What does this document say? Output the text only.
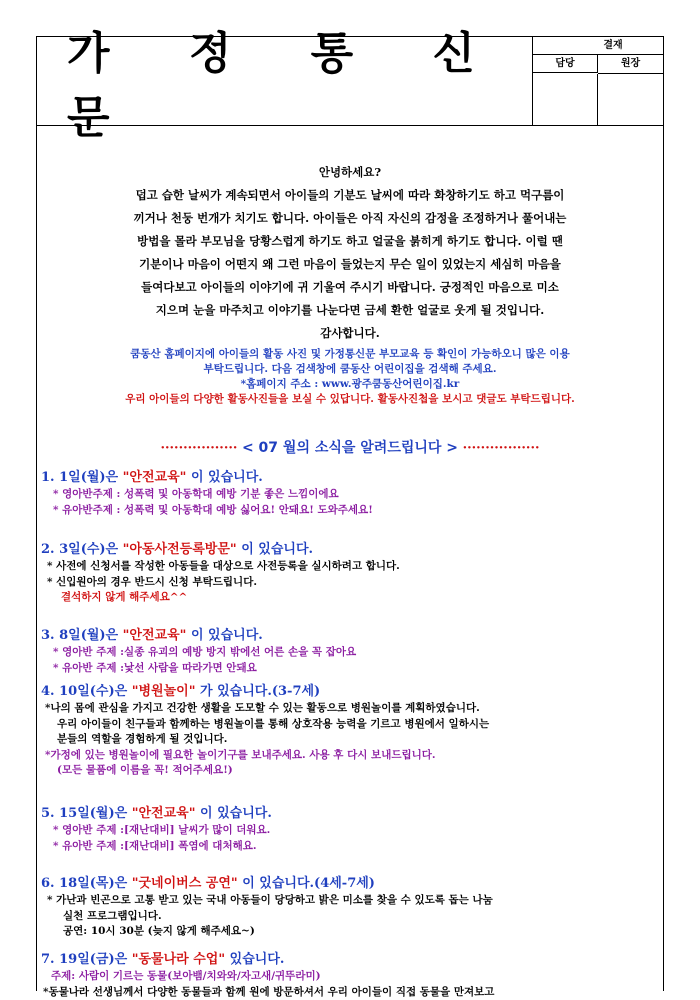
가 정 통 신 문
결재
담당	원장

안녕하세요?

덥고 습한 날씨가 계속되면서 아이들의 기분도 날씨에 따라 화창하기도 하고 먹구름이

끼거나 천둥 번개가 치기도 합니다. 아이들은 아직 자신의 감정을 조정하거나 풀어내는

방법을 몰라 부모님을 당황스럽게 하기도 하고 얼굴을 붉히게 하기도 합니다. 이럴 땐

기분이나 마음이 어떤지 왜 그런 마음이 들었는지 무슨 일이 있었는지 세심히 마음을

들여다보고 아이들의 이야기에 귀 기울여 주시기 바랍니다. 긍정적인 마음으로 미소

지으며 눈을 마주치고 이야기를 나눈다면 금세 환한 얼굴로 웃게 될 것입니다.

감사합니다.

쿰동산 홈페이지에 아이들의 활동 사진 및 가정통신문 부모교육 등 확인이 가능하오니 많은 이용

부탁드립니다. 다음 검색창에 쿰동산 어린이집을 검색해 주세요.

*홈페이지 주소 : www.광주쿰동산어린이집.kr

우리 아이들의 다양한 활동사진들을 보실 수 있답니다. 활동사진첩을 보시고 댓글도 부탁드립니다.

················· < 07 월의 소식을 알려드립니다 > ·················
1. 1일(월)은 "안전교육" 이 있습니다.
* 영아반주제 : 성폭력 및 아동학대 예방 기분 좋은 느낌이에요
* 유아반주제 : 성폭력 및 아동학대 예방 싫어요! 안돼요! 도와주세요!
2. 3일(수)은 "아동사전등록방문" 이 있습니다.
* 사전에 신청서를 작성한 아동들을 대상으로 사전등록을 실시하려고 합니다.
* 신입원아의 경우 반드시 신청 부탁드립니다.
결석하지 않게 해주세요^^
3. 8일(월)은 "안전교육" 이 있습니다.
* 영아반 주제 :실종 유괴의 예방 방지 밖에선 어른 손을 꼭 잡아요
* 유아반 주제 :낯선 사람을 따라가면 안돼요
4. 10일(수)은 "병원놀이" 가 있습니다.(3-7세)
*나의 몸에 관심을 가지고 건강한 생활을 도모할 수 있는 활동으로 병원놀이를 계획하였습니다.
우리 아이들이 친구들과 함께하는 병원놀이를 통해 상호작용 능력을 기르고 병원에서 일하시는
분들의 역할을 경험하게 될 것입니다.
*가정에 있는 병원놀이에 필요한 놀이기구를 보내주세요. 사용 후 다시 보내드립니다.
(모든 물품에 이름을 꼭! 적어주세요!)
5. 15일(월)은 "안전교육" 이 있습니다.
* 영아반 주제 :[재난대비] 날씨가 많이 더워요.
* 유아반 주제 :[재난대비] 폭염에 대처해요.
6. 18일(목)은 "굿네이버스 공연" 이 있습니다.(4세-7세)
* 가난과 빈곤으로 고통 받고 있는 국내 아동들이 당당하고 밝은 미소를 찾을 수 있도록 돕는 나눔
실천 프로그램입니다.
공연: 10시 30분 (늦지 않게 해주세요~)
7. 19일(금)은 "동물나라 수업" 있습니다.
주제: 사람이 기르는 동물(보아뱀/치와와/자고새/귀뚜라미)
*동물나라 선생님께서 다양한 동물들과 함께 원에 방문하셔서 우리 아이들이 직접 동물을 만져보고
